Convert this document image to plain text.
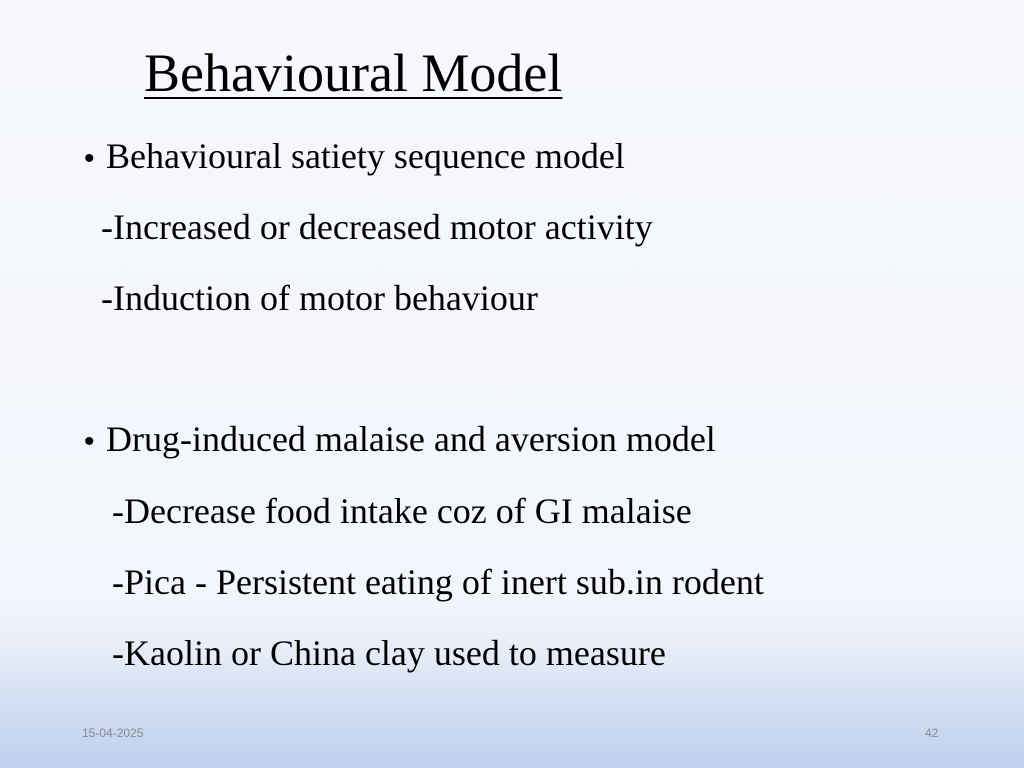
Behavioural Model
• Behavioural satiety sequence model
-Increased or decreased motor activity
-Induction of motor behaviour
• Drug-induced malaise and aversion model
-Decrease food intake coz of GI malaise
-Pica - Persistent eating of inert sub.in rodent
-Kaolin or China clay used to measure
15-04-2025	42
